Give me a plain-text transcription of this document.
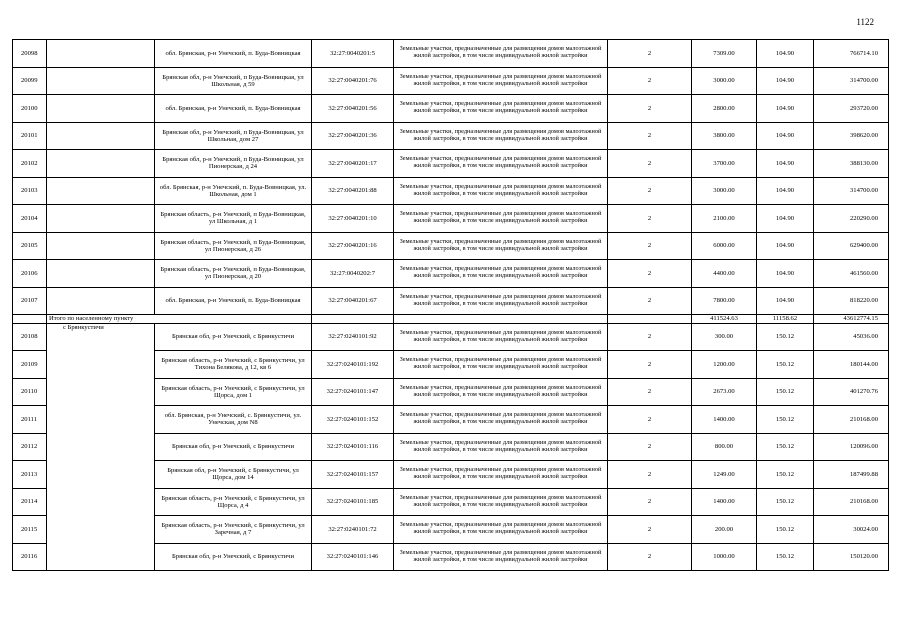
1122
20098		обл. Брянская, р-н Унечский, п. Буда-Вовницкая	32:27:0040201:5	Земельные участки, предназначенные для размещения домов малоэтажной жилой застройки, в том числе индивидуальной жилой застройки	2	7309.00	104.90	766714.10
20099		Брянская обл, р-н Унечский, п Буда-Вовницкая, ул Школьная, д 59	32:27:0040201:76	Земельные участки, предназначенные для размещения домов малоэтажной жилой застройки, в том числе индивидуальной жилой застройки	2	3000.00	104.90	314700.00
20100		обл. Брянская, р-н Унечский, п. Буда-Вовницкая	32:27:0040201:56	Земельные участки, предназначенные для размещения домов малоэтажной жилой застройки, в том числе индивидуальной жилой застройки	2	2800.00	104.90	293720.00
20101		Брянская обл, р-н Унечский, п Буда-Вовницкая, ул Школьная, дом 27	32:27:0040201:36	Земельные участки, предназначенные для размещения домов малоэтажной жилой застройки, в том числе индивидуальной жилой застройки	2	3800.00	104.90	398620.00
20102		Брянская обл, р-н Унечский, п Буда-Вовницкая, ул Пионерская, д 24	32:27:0040201:17	Земельные участки, предназначенные для размещения домов малоэтажной жилой застройки, в том числе индивидуальной жилой застройки	2	3700.00	104.90	388130.00
20103		обл. Брянская, р-н Унечский, п. Буда-Вовницкая, ул. Школьная, дом 1	32:27:0040201:88	Земельные участки, предназначенные для размещения домов малоэтажной жилой застройки, в том числе индивидуальной жилой застройки	2	3000.00	104.90	314700.00
20104		Брянская область, р-н Унечский, п Буда-Вовницкая, ул Школьная, д 1	32:27:0040201:10	Земельные участки, предназначенные для размещения домов малоэтажной жилой застройки, в том числе индивидуальной жилой застройки	2	2100.00	104.90	220290.00
20105		Брянская область, р-н Унечский, п Буда-Вовницкая, ул Пионерская, д 26	32:27:0040201:16	Земельные участки, предназначенные для размещения домов малоэтажной жилой застройки, в том числе индивидуальной жилой застройки	2	6000.00	104.90	629400.00
20106		Брянская область, р-н Унечский, п Буда-Вовницкая, ул Пионерская, д 20	32:27:0040202:7	Земельные участки, предназначенные для размещения домов малоэтажной жилой застройки, в том числе индивидуальной жилой застройки	2	4400.00	104.90	461560.00
20107		обл. Брянская, р-н Унечский, п. Буда-Вовницкая	32:27:0040201:67	Земельные участки, предназначенные для размещения домов малоэтажной жилой застройки, в том числе индивидуальной жилой застройки	2	7800.00	104.90	818220.00
	Итого по населенному пункту					411524.63	11158.62	43612774.15
20108	с Брянкустичи	Брянская обл, р-н Унечский, с Брянкустичи	32:27:0240101:92	Земельные участки, предназначенные для размещения домов малоэтажной жилой застройки, в том числе индивидуальной жилой застройки	2	300.00	150.12	45036.00
20109		Брянская область, р-н Унечский, с Брянкустичи, ул Тихона Белякова, д 12, кв 6	32:27:0240101:192	Земельные участки, предназначенные для размещения домов малоэтажной жилой застройки, в том числе индивидуальной жилой застройки	2	1200.00	150.12	180144.00
20110		Брянская область, р-н Унечский, с Брянкустичи, ул Щорса, дом 1	32:27:0240101:147	Земельные участки, предназначенные для размещения домов малоэтажной жилой застройки, в том числе индивидуальной жилой застройки	2	2673.00	150.12	401270.76
20111		обл. Брянская, р-н Унечский, с. Брянкустичи, ул. Унечская, дом N8	32:27:0240101:152	Земельные участки, предназначенные для размещения домов малоэтажной жилой застройки, в том числе индивидуальной жилой застройки	2	1400.00	150.12	210168.00
20112		Брянская обл, р-н Унечский, с Брянкустичи	32:27:0240101:116	Земельные участки, предназначенные для размещения домов малоэтажной жилой застройки, в том числе индивидуальной жилой застройки	2	800.00	150.12	120096.00
20113		Брянская обл, р-н Унечский, с Брянкустичи, ул Щорса, дом 14	32:27:0240101:157	Земельные участки, предназначенные для размещения домов малоэтажной жилой застройки, в том числе индивидуальной жилой застройки	2	1249.00	150.12	187499.88
20114		Брянская область, р-н Унечский, с Брянкустичи, ул Щорса, д 4	32:27:0240101:185	Земельные участки, предназначенные для размещения домов малоэтажной жилой застройки, в том числе индивидуальной жилой застройки	2	1400.00	150.12	210168.00
20115		Брянская область, р-н Унечский, с Брянкустичи, ул Заречная, д 7	32:27:0240101:72	Земельные участки, предназначенные для размещения домов малоэтажной жилой застройки, в том числе индивидуальной жилой застройки	2	200.00	150.12	30024.00
20116		Брянская обл, р-н Унечский, с Брянкустичи	32:27:0240101:146	Земельные участки, предназначенные для размещения домов малоэтажной жилой застройки, в том числе индивидуальной жилой застройки	2	1000.00	150.12	150120.00
